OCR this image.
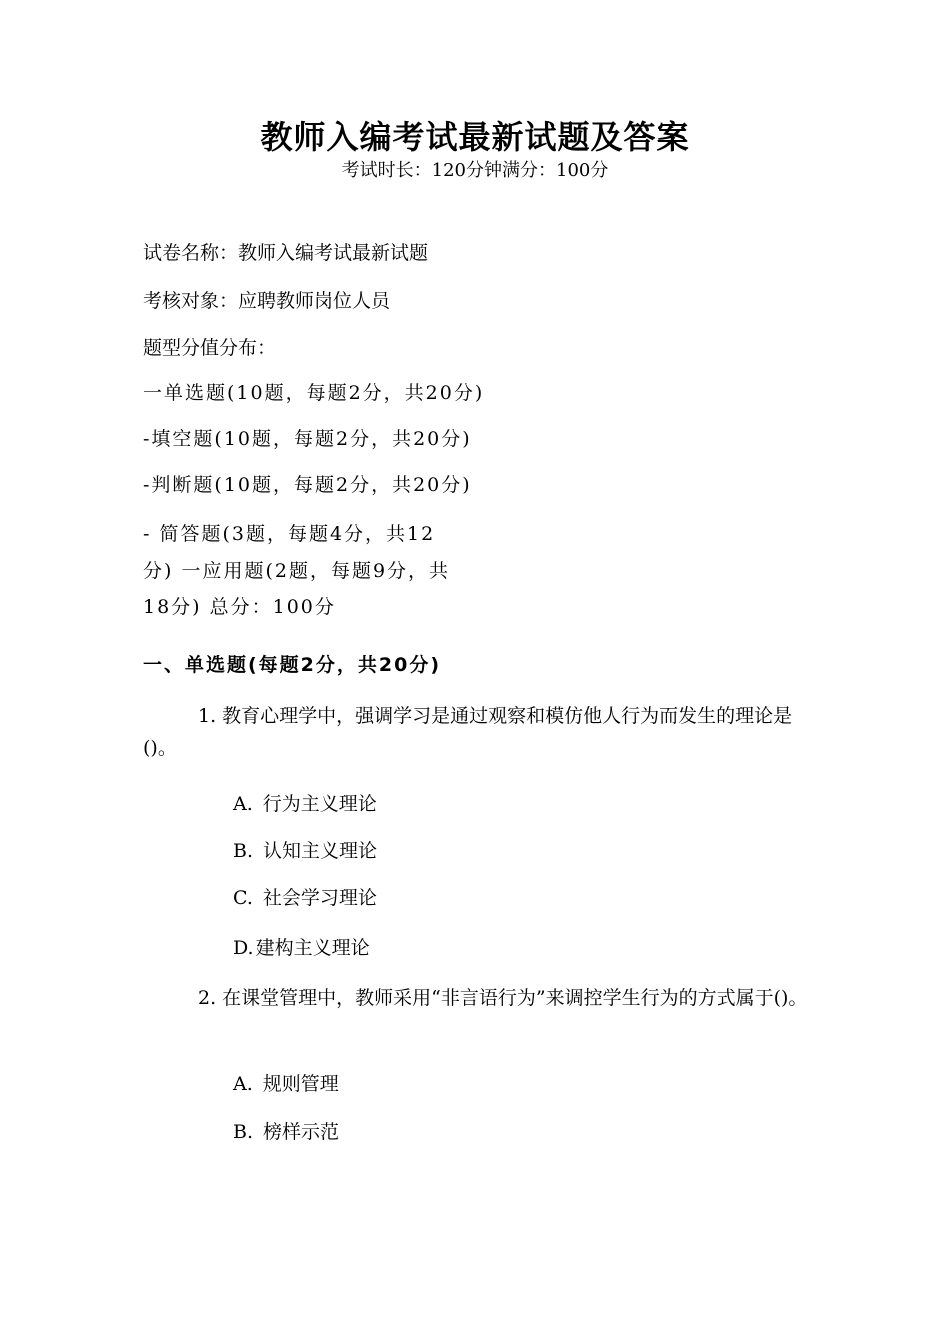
教师入编考试最新试题及答案
考试时长：120分钟满分：100分
试卷名称：教师入编考试最新试题
考核对象：应聘教师岗位人员
题型分值分布：
一单选题(10题，每题2分，共20分)
-填空题(10题，每题2分，共20分)
-判断题(10题，每题2分，共20分)
- 简答题(3题，每题4分，共12
分) 一应用题(2题，每题9分，共
18分) 总分：100分
一、单选题(每题2分，共20分)
1. 教育心理学中，强调学习是通过观察和模仿他人行为而发生的理论是()。
A. 行为主义理论
B. 认知主义理论
C. 社会学习理论
D. 建构主义理论
2. 在课堂管理中，教师采用“非言语行为”来调控学生行为的方式属于()。
A. 规则管理
B. 榜样示范
